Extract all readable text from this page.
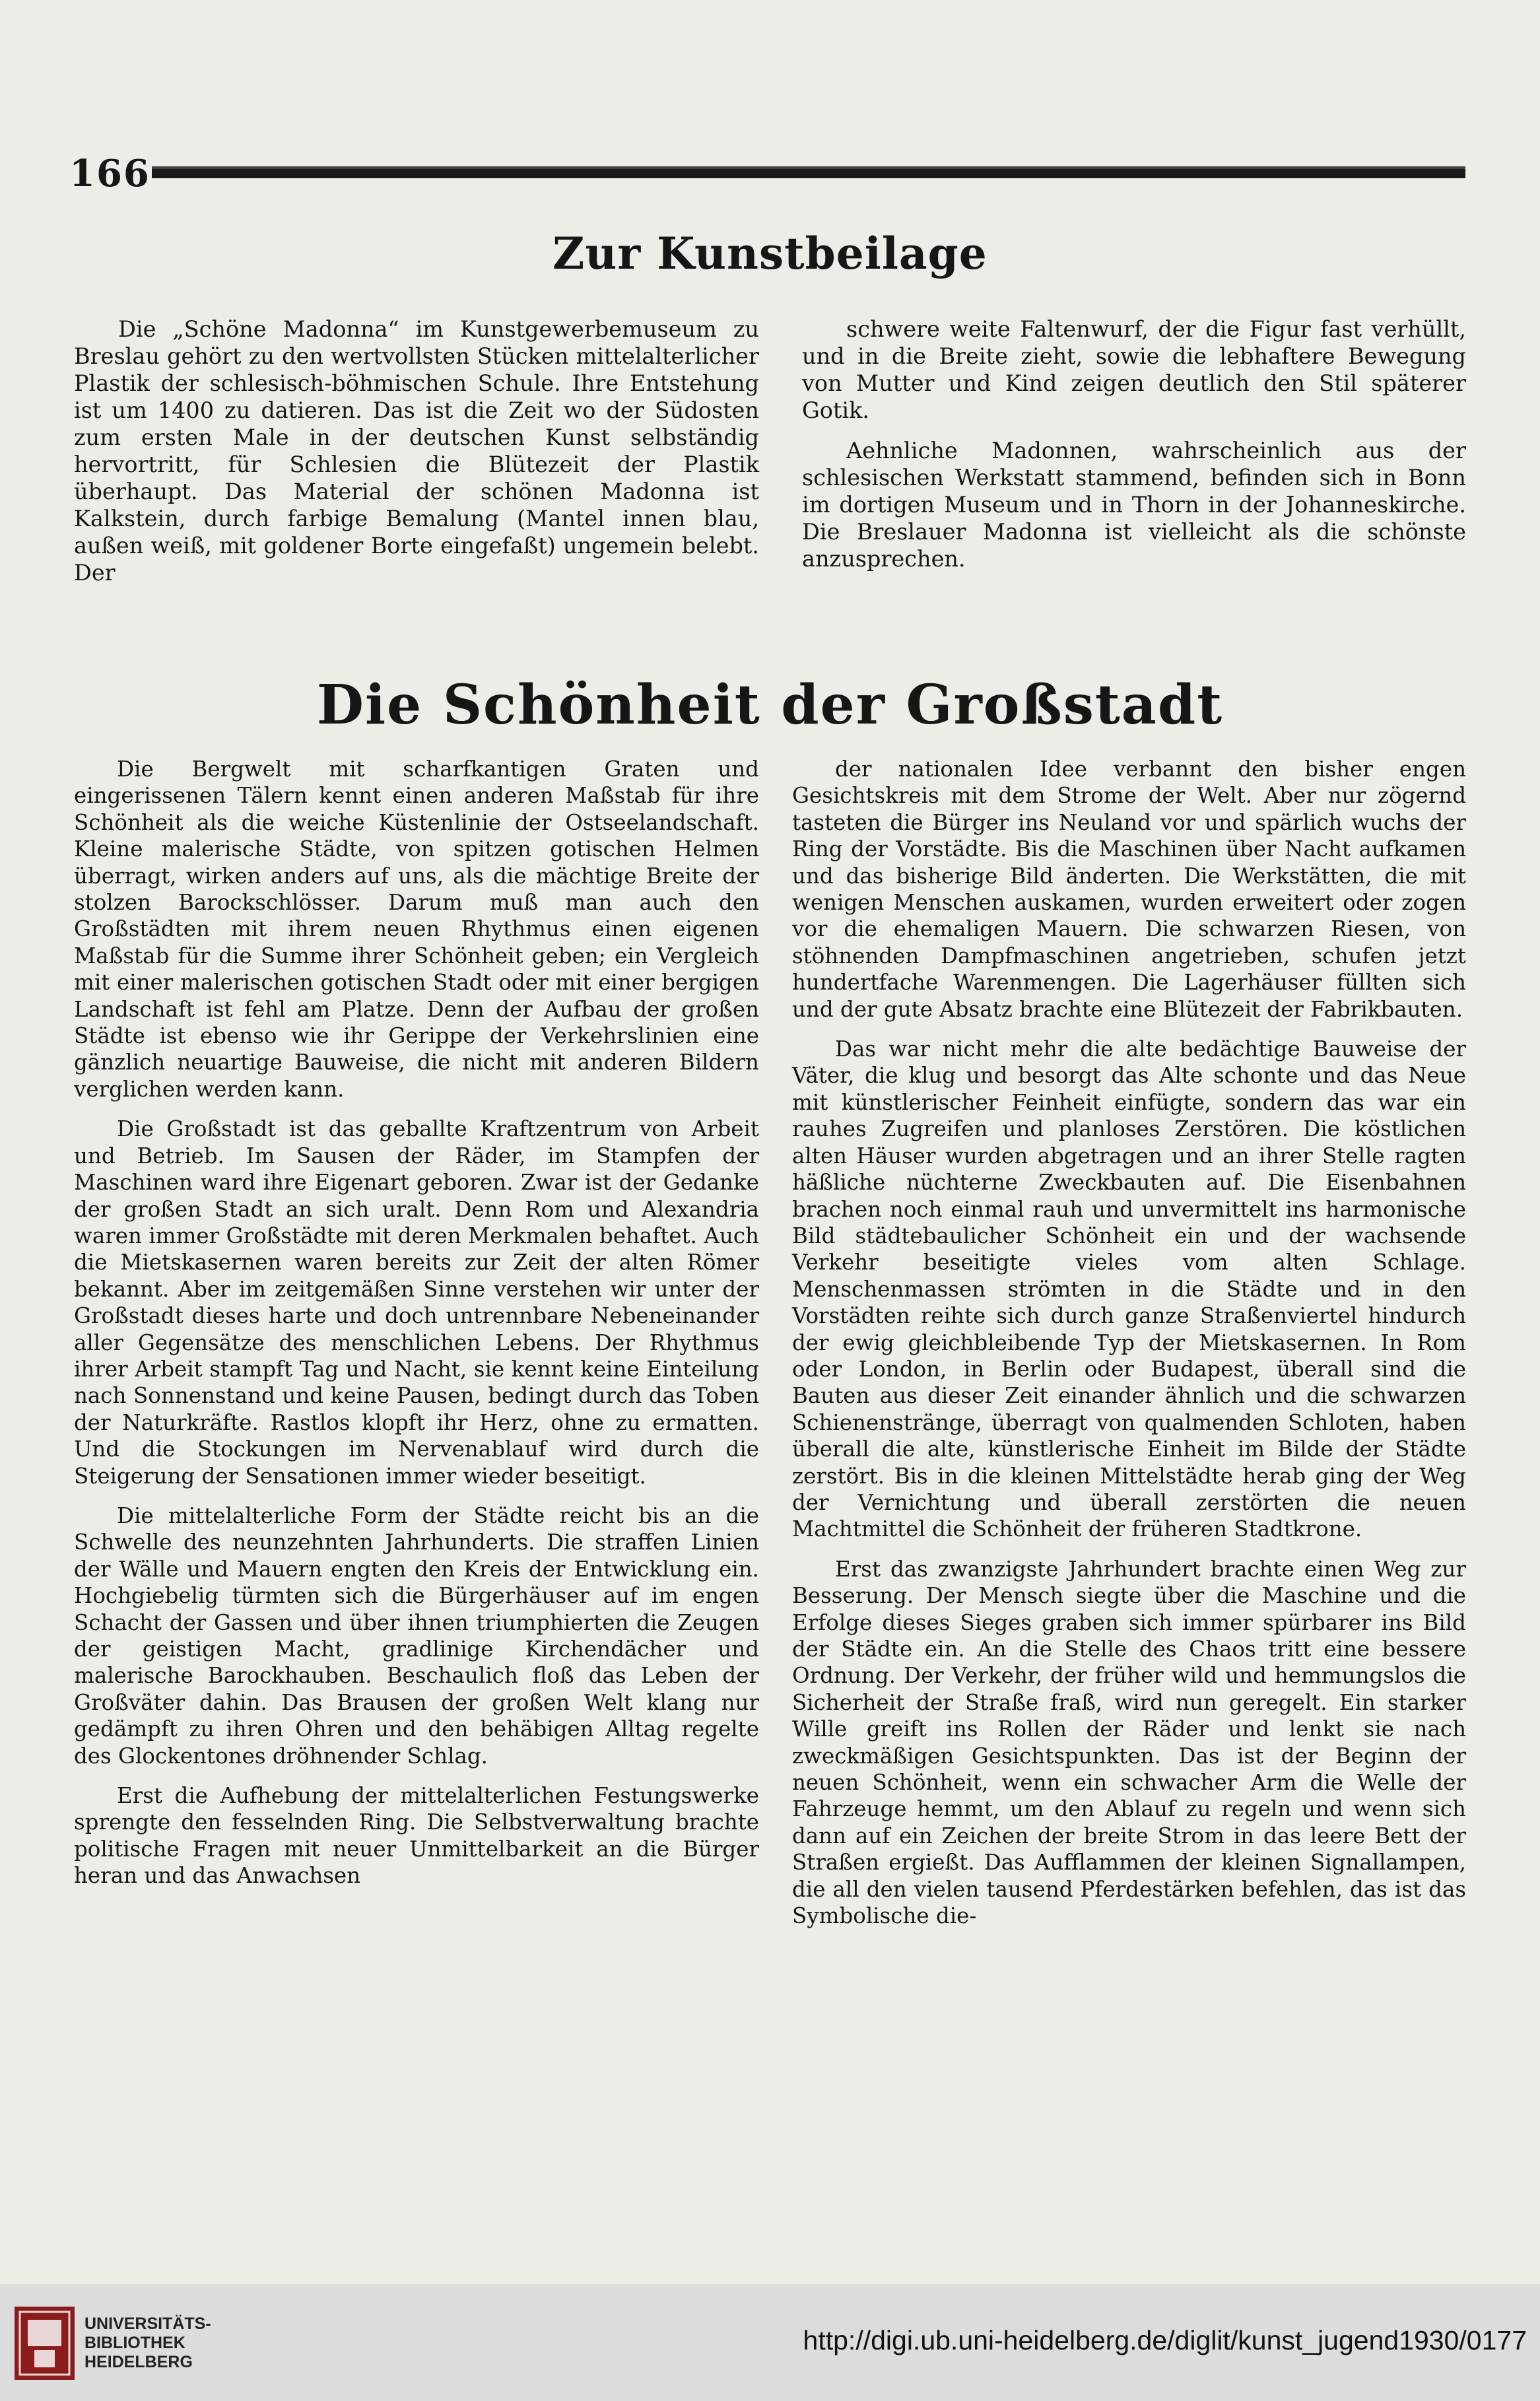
166
Zur Kunstbeilage

Die „Schöne Madonna“ im Kunstgewerbemuseum zu Breslau gehört zu den wertvollsten Stücken mittelalterlicher Plastik der schlesisch-böhmischen Schule. Ihre Entstehung ist um 1400 zu datieren. Das ist die Zeit wo der Südosten zum ersten Male in der deutschen Kunst selbständig hervortritt, für Schlesien die Blütezeit der Plastik überhaupt. Das Material der schönen Madonna ist Kalkstein, durch farbige Bemalung (Mantel innen blau, außen weiß, mit goldener Borte eingefaßt) ungemein belebt. Der

schwere weite Faltenwurf, der die Figur fast verhüllt, und in die Breite zieht, sowie die lebhaftere Bewegung von Mutter und Kind zeigen deutlich den Stil späterer Gotik.

Aehnliche Madonnen, wahrscheinlich aus der schlesischen Werkstatt stammend, befinden sich in Bonn im dortigen Museum und in Thorn in der Johanneskirche. Die Breslauer Madonna ist vielleicht als die schönste anzusprechen.

Die Schönheit der Großstadt

Die Bergwelt mit scharfkantigen Graten und eingerissenen Tälern kennt einen anderen Maßstab für ihre Schönheit als die weiche Küstenlinie der Ostseelandschaft. Kleine malerische Städte, von spitzen gotischen Helmen überragt, wirken anders auf uns, als die mächtige Breite der stolzen Barockschlösser. Darum muß man auch den Großstädten mit ihrem neuen Rhythmus einen eigenen Maßstab für die Summe ihrer Schönheit geben; ein Vergleich mit einer malerischen gotischen Stadt oder mit einer bergigen Landschaft ist fehl am Platze. Denn der Aufbau der großen Städte ist ebenso wie ihr Gerippe der Verkehrslinien eine gänzlich neuartige Bauweise, die nicht mit anderen Bildern verglichen werden kann.

Die Großstadt ist das geballte Kraftzentrum von Arbeit und Betrieb. Im Sausen der Räder, im Stampfen der Maschinen ward ihre Eigenart geboren. Zwar ist der Gedanke der großen Stadt an sich uralt. Denn Rom und Alexandria waren immer Großstädte mit deren Merkmalen behaftet. Auch die Mietskasernen waren bereits zur Zeit der alten Römer bekannt. Aber im zeitgemäßen Sinne verstehen wir unter der Großstadt dieses harte und doch untrennbare Nebeneinander aller Gegensätze des menschlichen Lebens. Der Rhythmus ihrer Arbeit stampft Tag und Nacht, sie kennt keine Einteilung nach Sonnenstand und keine Pausen, bedingt durch das Toben der Naturkräfte. Rastlos klopft ihr Herz, ohne zu ermatten. Und die Stockungen im Nervenablauf wird durch die Steigerung der Sensationen immer wieder beseitigt.

Die mittelalterliche Form der Städte reicht bis an die Schwelle des neunzehnten Jahrhunderts. Die straffen Linien der Wälle und Mauern engten den Kreis der Entwicklung ein. Hochgiebelig türmten sich die Bürgerhäuser auf im engen Schacht der Gassen und über ihnen triumphierten die Zeugen der geistigen Macht, gradlinige Kirchendächer und malerische Barockhauben. Beschaulich floß das Leben der Großväter dahin. Das Brausen der großen Welt klang nur gedämpft zu ihren Ohren und den behäbigen Alltag regelte des Glockentones dröhnender Schlag.

Erst die Aufhebung der mittelalterlichen Festungswerke sprengte den fesselnden Ring. Die Selbstverwaltung brachte politische Fragen mit neuer Unmittelbarkeit an die Bürger heran und das Anwachsen

der nationalen Idee verbannt den bisher engen Gesichtskreis mit dem Strome der Welt. Aber nur zögernd tasteten die Bürger ins Neuland vor und spärlich wuchs der Ring der Vorstädte. Bis die Maschinen über Nacht aufkamen und das bisherige Bild änderten. Die Werkstätten, die mit wenigen Menschen auskamen, wurden erweitert oder zogen vor die ehemaligen Mauern. Die schwarzen Riesen, von stöhnenden Dampfmaschinen angetrieben, schufen jetzt hundertfache Warenmengen. Die Lagerhäuser füllten sich und der gute Absatz brachte eine Blütezeit der Fabrikbauten.

Das war nicht mehr die alte bedächtige Bauweise der Väter, die klug und besorgt das Alte schonte und das Neue mit künstlerischer Feinheit einfügte, sondern das war ein rauhes Zugreifen und planloses Zerstören. Die köstlichen alten Häuser wurden abgetragen und an ihrer Stelle ragten häßliche nüchterne Zweckbauten auf. Die Eisenbahnen brachen noch einmal rauh und unvermittelt ins harmonische Bild städtebaulicher Schönheit ein und der wachsende Verkehr beseitigte vieles vom alten Schlage. Menschenmassen strömten in die Städte und in den Vorstädten reihte sich durch ganze Straßenviertel hindurch der ewig gleichbleibende Typ der Mietskasernen. In Rom oder London, in Berlin oder Budapest, überall sind die Bauten aus dieser Zeit einander ähnlich und die schwarzen Schienenstränge, überragt von qualmenden Schloten, haben überall die alte, künstlerische Einheit im Bilde der Städte zerstört. Bis in die kleinen Mittelstädte herab ging der Weg der Vernichtung und überall zerstörten die neuen Machtmittel die Schönheit der früheren Stadtkrone.

Erst das zwanzigste Jahrhundert brachte einen Weg zur Besserung. Der Mensch siegte über die Maschine und die Erfolge dieses Sieges graben sich immer spürbarer ins Bild der Städte ein. An die Stelle des Chaos tritt eine bessere Ordnung. Der Verkehr, der früher wild und hemmungslos die Sicherheit der Straße fraß, wird nun geregelt. Ein starker Wille greift ins Rollen der Räder und lenkt sie nach zweckmäßigen Gesichtspunkten. Das ist der Beginn der neuen Schönheit, wenn ein schwacher Arm die Welle der Fahrzeuge hemmt, um den Ablauf zu regeln und wenn sich dann auf ein Zeichen der breite Strom in das leere Bett der Straßen ergießt. Das Aufflammen der kleinen Signallampen, die all den vielen tausend Pferdestärken befehlen, das ist das Symbolische die-

UNIVERSITÄTS-
BIBLIOTHEK
HEIDELBERG
http://digi.ub.uni-heidelberg.de/diglit/kunst_jugend1930/0177
